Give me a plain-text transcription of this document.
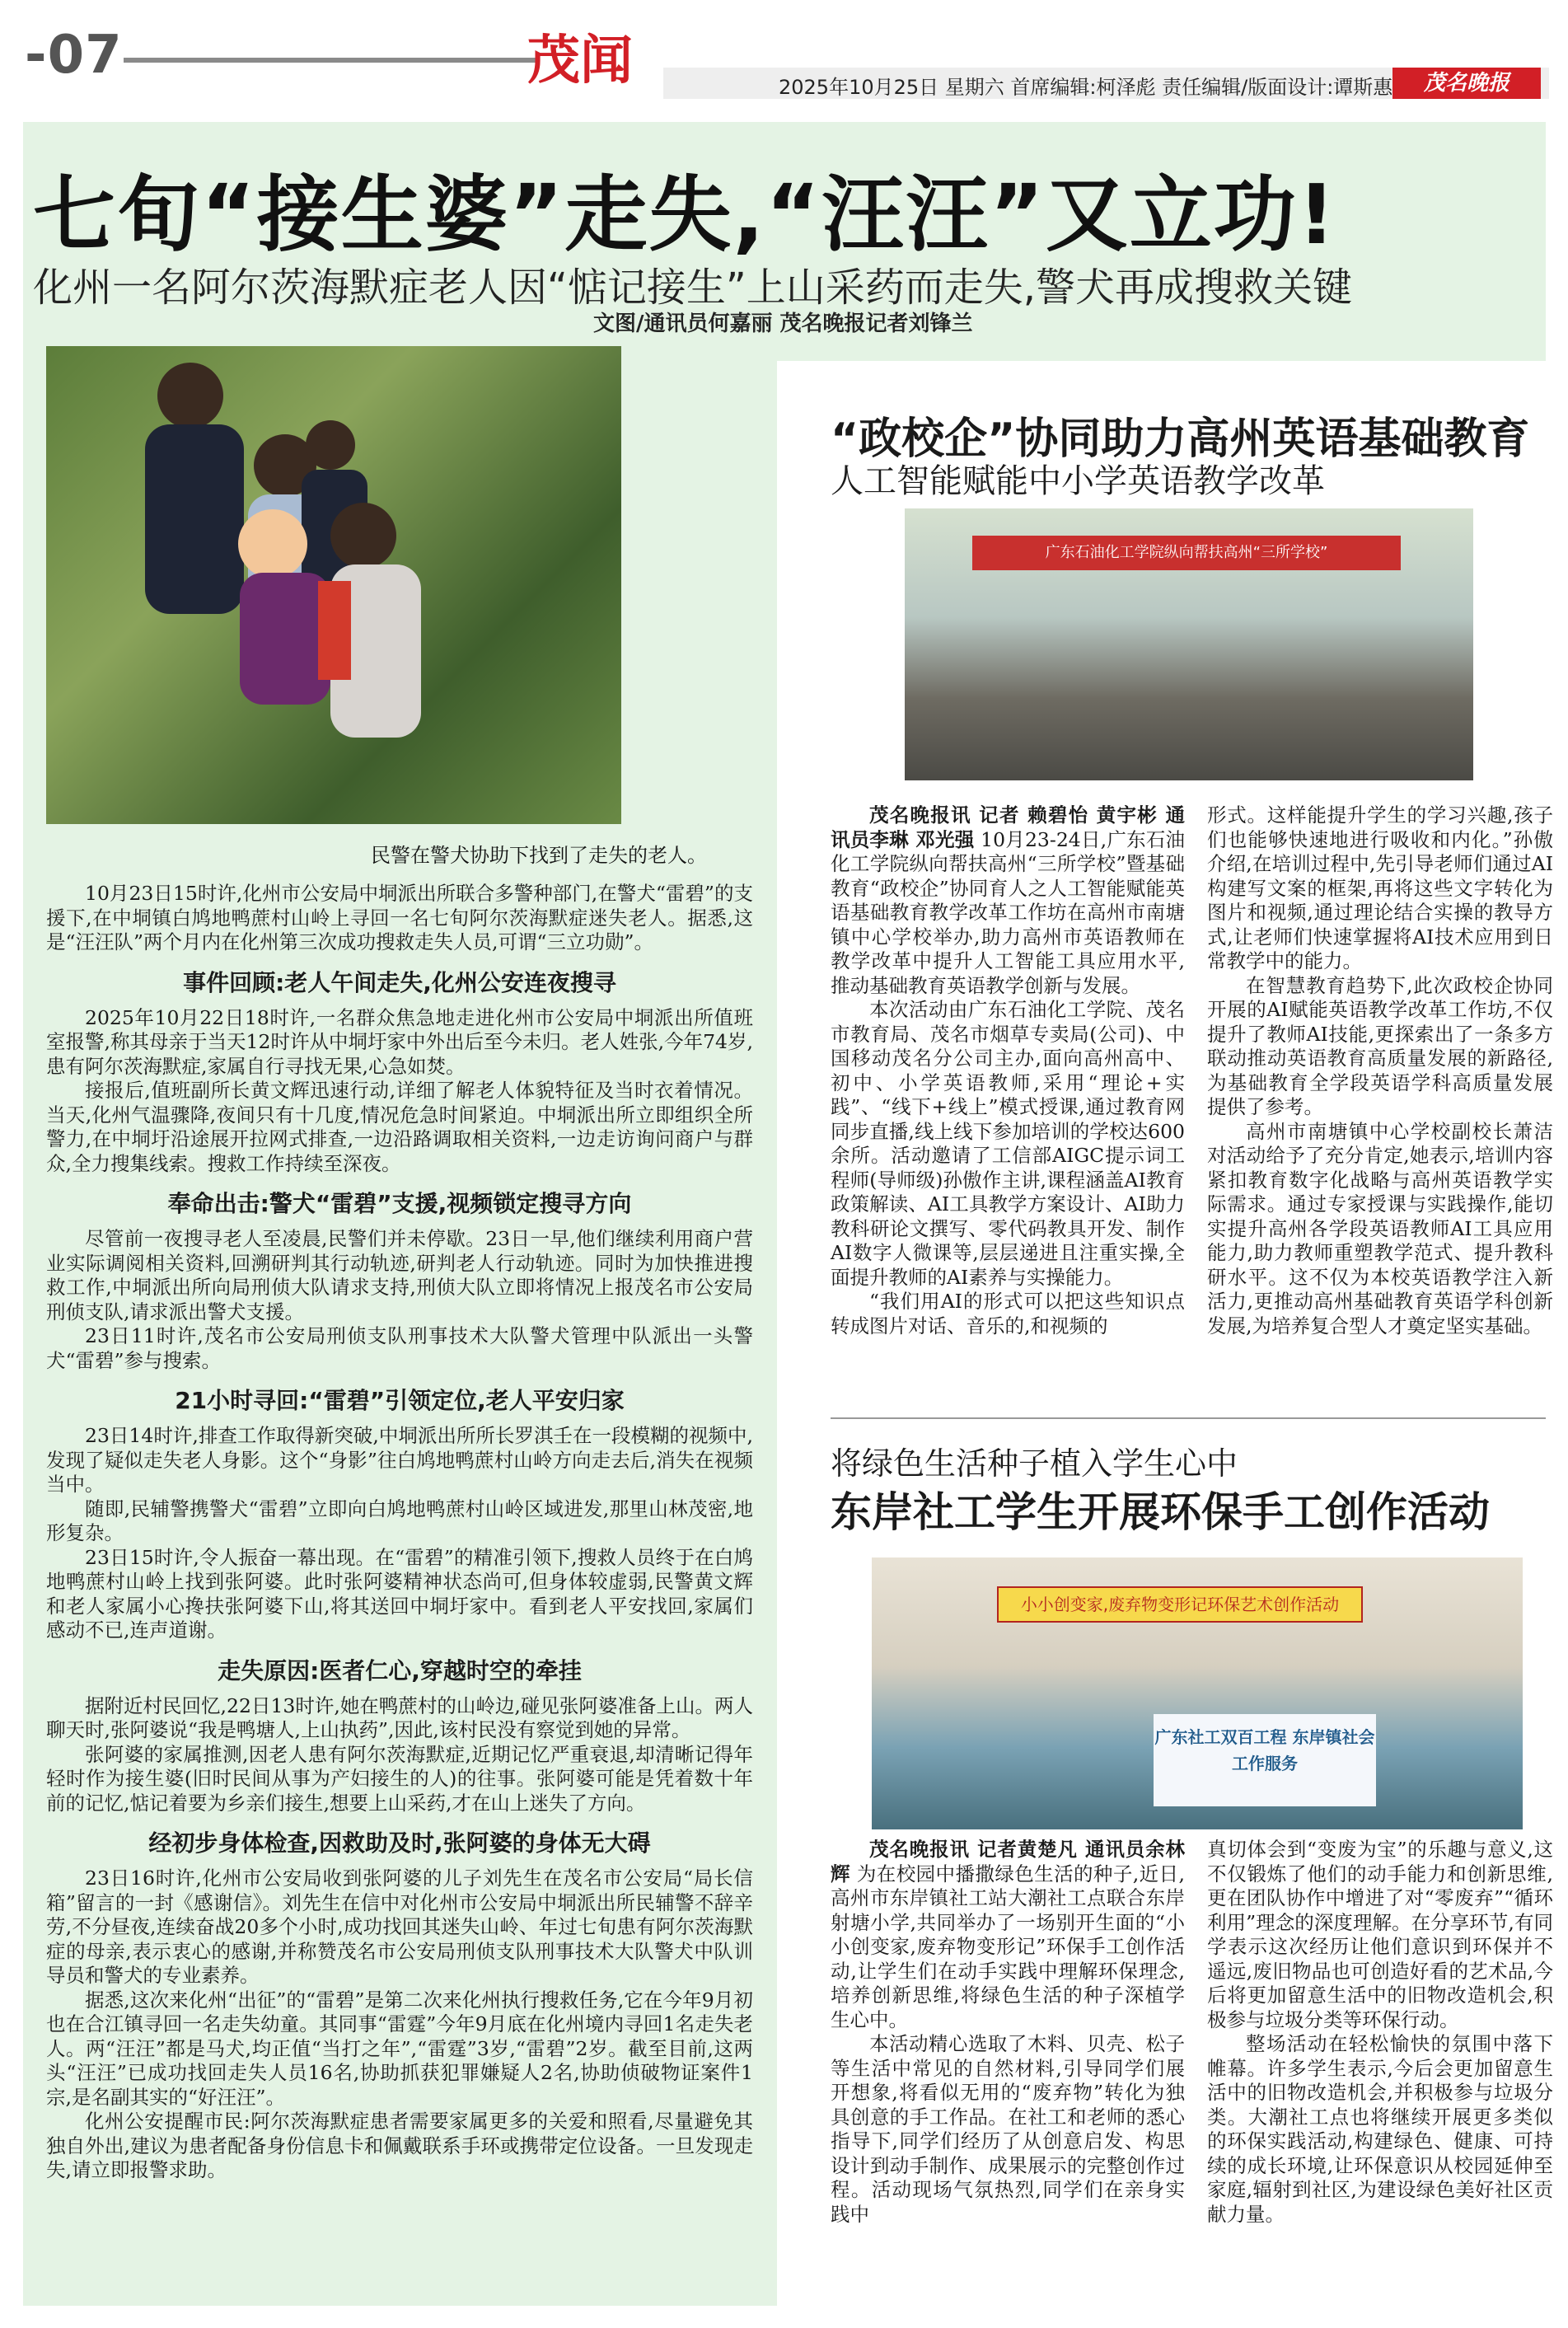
-07	茂闻	2025年10月25日 星期六 首席编辑:柯泽彪 责任编辑/版面设计:谭斯惠	茂名晚报
七旬“接生婆”走失,“汪汪”又立功!
化州一名阿尔茨海默症老人因“惦记接生”上山采药而走失,警犬再成搜救关键
文图/通讯员何嘉丽 茂名晚报记者刘锋兰
民警在警犬协助下找到了走失的老人。

10月23日15时许,化州市公安局中垌派出所联合多警种部门,在警犬“雷碧”的支援下,在中垌镇白鸠地鸭蔗村山岭上寻回一名七旬阿尔茨海默症迷失老人。据悉,这是“汪汪队”两个月内在化州第三次成功搜救走失人员,可谓“三立功勋”。

事件回顾:老人午间走失,化州公安连夜搜寻

2025年10月22日18时许,一名群众焦急地走进化州市公安局中垌派出所值班室报警,称其母亲于当天12时许从中垌圩家中外出后至今未归。老人姓张,今年74岁,患有阿尔茨海默症,家属自行寻找无果,心急如焚。

接报后,值班副所长黄文辉迅速行动,详细了解老人体貌特征及当时衣着情况。当天,化州气温骤降,夜间只有十几度,情况危急时间紧迫。中垌派出所立即组织全所警力,在中垌圩沿途展开拉网式排查,一边沿路调取相关资料,一边走访询问商户与群众,全力搜集线索。搜救工作持续至深夜。

奉命出击:警犬“雷碧”支援,视频锁定搜寻方向

尽管前一夜搜寻老人至凌晨,民警们并未停歇。23日一早,他们继续利用商户营业实际调阅相关资料,回溯研判其行动轨迹,研判老人行动轨迹。同时为加快推进搜救工作,中垌派出所向局刑侦大队请求支持,刑侦大队立即将情况上报茂名市公安局刑侦支队,请求派出警犬支援。

23日11时许,茂名市公安局刑侦支队刑事技术大队警犬管理中队派出一头警犬“雷碧”参与搜索。

21小时寻回:“雷碧”引领定位,老人平安归家

23日14时许,排查工作取得新突破,中垌派出所所长罗淇壬在一段模糊的视频中,发现了疑似走失老人身影。这个“身影”往白鸠地鸭蔗村山岭方向走去后,消失在视频当中。

随即,民辅警携警犬“雷碧”立即向白鸠地鸭蔗村山岭区域进发,那里山林茂密,地形复杂。

23日15时许,令人振奋一幕出现。在“雷碧”的精准引领下,搜救人员终于在白鸠地鸭蔗村山岭上找到张阿婆。此时张阿婆精神状态尚可,但身体较虚弱,民警黄文辉和老人家属小心搀扶张阿婆下山,将其送回中垌圩家中。看到老人平安找回,家属们感动不已,连声道谢。

走失原因:医者仁心,穿越时空的牵挂

据附近村民回忆,22日13时许,她在鸭蔗村的山岭边,碰见张阿婆准备上山。两人聊天时,张阿婆说“我是鸭塘人,上山执药”,因此,该村民没有察觉到她的异常。

张阿婆的家属推测,因老人患有阿尔茨海默症,近期记忆严重衰退,却清晰记得年轻时作为接生婆(旧时民间从事为产妇接生的人)的往事。张阿婆可能是凭着数十年前的记忆,惦记着要为乡亲们接生,想要上山采药,才在山上迷失了方向。

经初步身体检查,因救助及时,张阿婆的身体无大碍

23日16时许,化州市公安局收到张阿婆的儿子刘先生在茂名市公安局“局长信箱”留言的一封《感谢信》。刘先生在信中对化州市公安局中垌派出所民辅警不辞辛劳,不分昼夜,连续奋战20多个小时,成功找回其迷失山岭、年过七旬患有阿尔茨海默症的母亲,表示衷心的感谢,并称赞茂名市公安局刑侦支队刑事技术大队警犬中队训导员和警犬的专业素养。

据悉,这次来化州“出征”的“雷碧”是第二次来化州执行搜救任务,它在今年9月初也在合江镇寻回一名走失幼童。其同事“雷霆”今年9月底在化州境内寻回1名走失老人。两“汪汪”都是马犬,均正值“当打之年”,“雷霆”3岁,“雷碧”2岁。截至目前,这两头“汪汪”已成功找回走失人员16名,协助抓获犯罪嫌疑人2名,协助侦破物证案件1宗,是名副其实的“好汪汪”。

化州公安提醒市民:阿尔茨海默症患者需要家属更多的关爱和照看,尽量避免其独自外出,建议为患者配备身份信息卡和佩戴联系手环或携带定位设备。一旦发现走失,请立即报警求助。

“政校企”协同助力高州英语基础教育
人工智能赋能中小学英语教学改革
广东石油化工学院纵向帮扶高州“三所学校”

茂名晚报讯 记者 赖碧怡 黄宇彬 通讯员李琳 邓光强 10月23-24日,广东石油化工学院纵向帮扶高州“三所学校”暨基础教育“政校企”协同育人之人工智能赋能英语基础教育教学改革工作坊在高州市南塘镇中心学校举办,助力高州市英语教师在教学改革中提升人工智能工具应用水平,推动基础教育英语教学创新与发展。

本次活动由广东石油化工学院、茂名市教育局、茂名市烟草专卖局(公司)、中国移动茂名分公司主办,面向高州高中、初中、小学英语教师,采用“理论+实践”、“线下+线上”模式授课,通过教育网同步直播,线上线下参加培训的学校达600余所。活动邀请了工信部AIGC提示词工程师(导师级)孙傲作主讲,课程涵盖AI教育政策解读、AI工具教学方案设计、AI助力教科研论文撰写、零代码教具开发、制作AI数字人微课等,层层递进且注重实操,全面提升教师的AI素养与实操能力。

“我们用AI的形式可以把这些知识点转成图片对话、音乐的,和视频的

形式。这样能提升学生的学习兴趣,孩子们也能够快速地进行吸收和内化。”孙傲介绍,在培训过程中,先引导老师们通过AI构建写文案的框架,再将这些文字转化为图片和视频,通过理论结合实操的教导方式,让老师们快速掌握将AI技术应用到日常教学中的能力。

在智慧教育趋势下,此次政校企协同开展的AI赋能英语教学改革工作坊,不仅提升了教师AI技能,更探索出了一条多方联动推动英语教育高质量发展的新路径,为基础教育全学段英语学科高质量发展提供了参考。

高州市南塘镇中心学校副校长萧洁对活动给予了充分肯定,她表示,培训内容紧扣教育数字化战略与高州英语教学实际需求。通过专家授课与实践操作,能切实提升高州各学段英语教师AI工具应用能力,助力教师重塑教学范式、提升教科研水平。这不仅为本校英语教学注入新活力,更推动高州基础教育英语学科创新发展,为培养复合型人才奠定坚实基础。

将绿色生活种子植入学生心中
东岸社工学生开展环保手工创作活动
小小创变家,废弃物变形记环保艺术创作活动
广东社工双百工程 东岸镇社会工作服务

茂名晚报讯 记者黄楚凡 通讯员余林辉 为在校园中播撒绿色生活的种子,近日,高州市东岸镇社工站大潮社工点联合东岸射塘小学,共同举办了一场别开生面的“小小创变家,废弃物变形记”环保手工创作活动,让学生们在动手实践中理解环保理念,培养创新思维,将绿色生活的种子深植学生心中。

本活动精心选取了木料、贝壳、松子等生活中常见的自然材料,引导同学们展开想象,将看似无用的“废弃物”转化为独具创意的手工作品。在社工和老师的悉心指导下,同学们经历了从创意启发、构思设计到动手制作、成果展示的完整创作过程。活动现场气氛热烈,同学们在亲身实践中

真切体会到“变废为宝”的乐趣与意义,这不仅锻炼了他们的动手能力和创新思维,更在团队协作中增进了对“零废弃”“循环利用”理念的深度理解。在分享环节,有同学表示这次经历让他们意识到环保并不遥远,废旧物品也可创造好看的艺术品,今后将更加留意生活中的旧物改造机会,积极参与垃圾分类等环保行动。

整场活动在轻松愉快的氛围中落下帷幕。许多学生表示,今后会更加留意生活中的旧物改造机会,并积极参与垃圾分类。大潮社工点也将继续开展更多类似的环保实践活动,构建绿色、健康、可持续的成长环境,让环保意识从校园延伸至家庭,辐射到社区,为建设绿色美好社区贡献力量。
